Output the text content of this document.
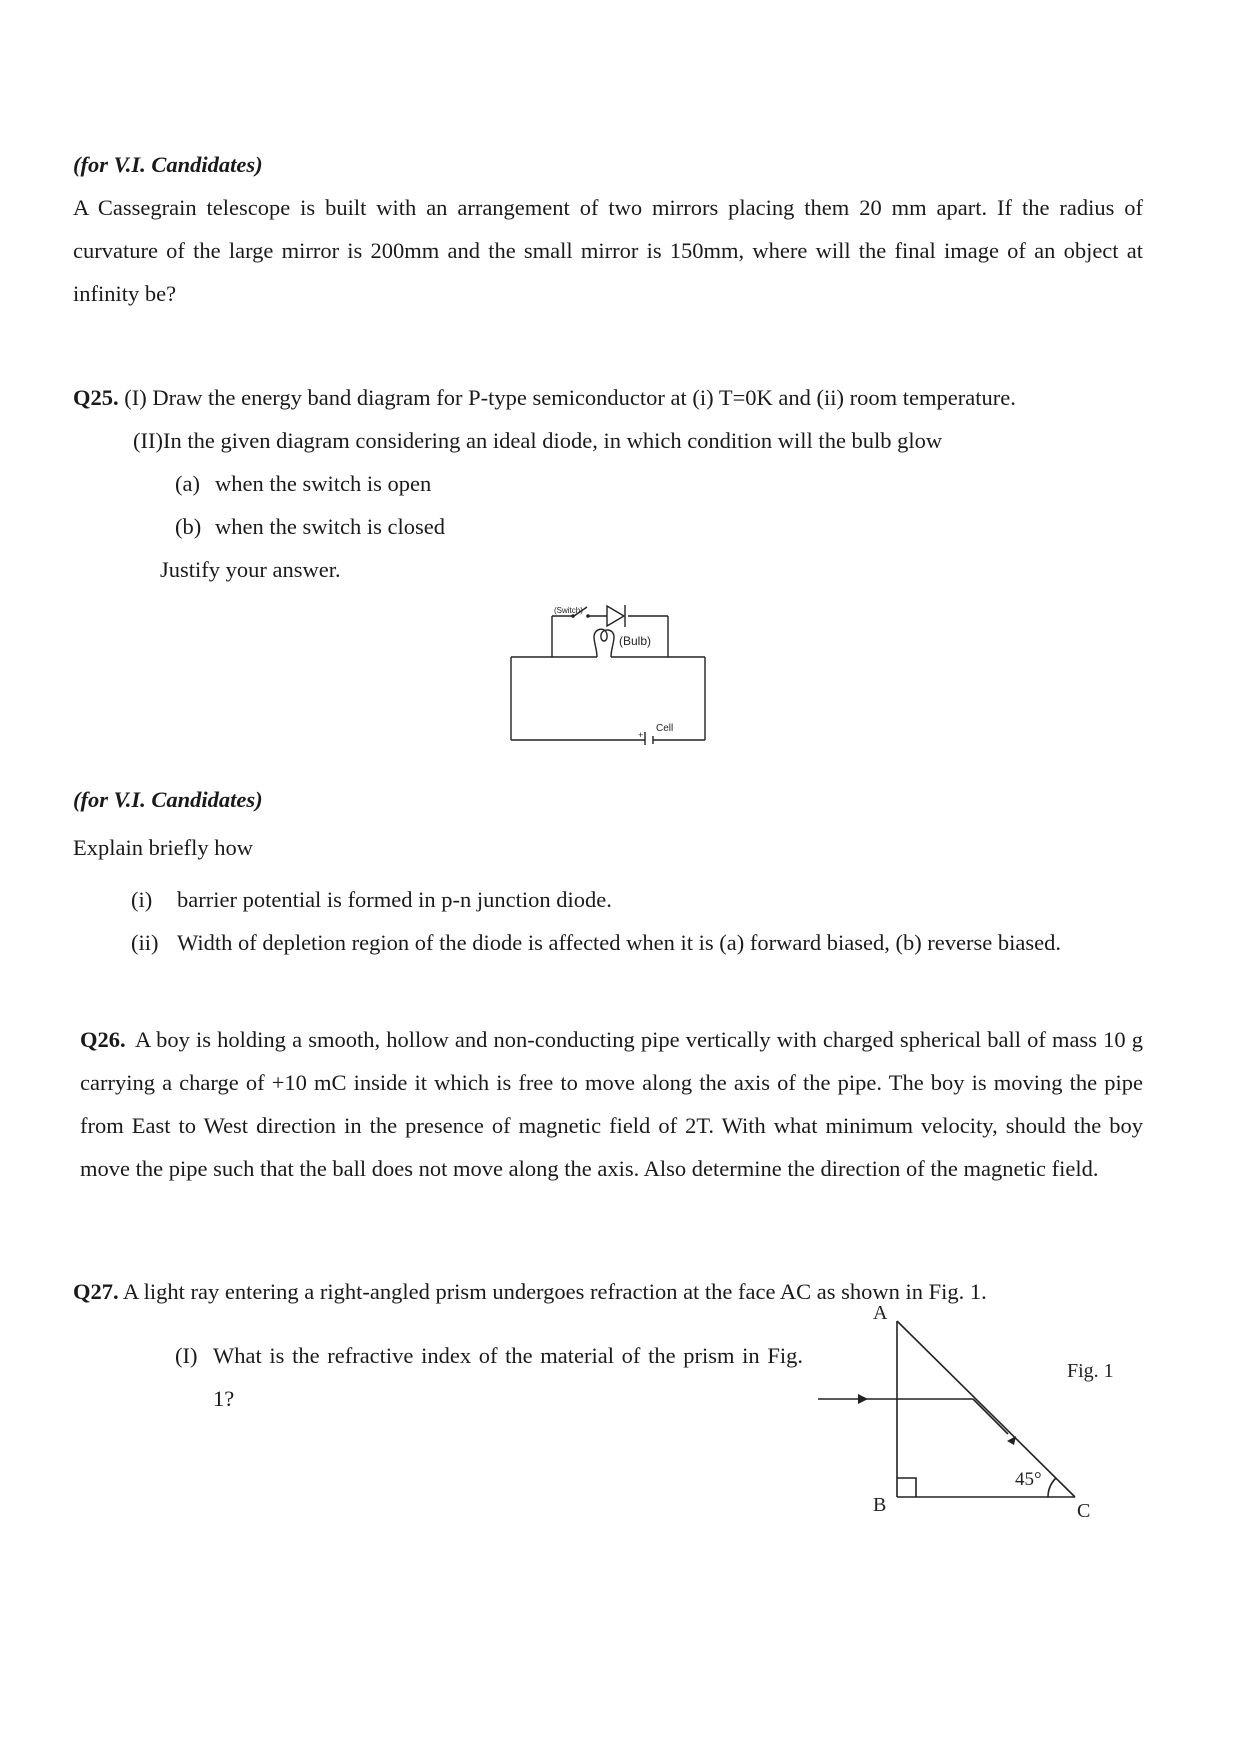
(for V.I. Candidates)
A Cassegrain telescope is built with an arrangement of two mirrors placing them 20 mm apart. If the radius of curvature of the large mirror is 200mm and the small mirror is 150mm, where will the final image of an object at infinity be?
Q25. (I) Draw the energy band diagram for P-type semiconductor at (i) T=0K and (ii) room temperature.
(II)In the given diagram considering an ideal diode, in which condition will the bulb glow
(a) when the switch is open
(b) when the switch is closed
Justify your answer.
(Switch)
(Bulb)
Cell
+
(for V.I. Candidates)
Explain briefly how
(i) barrier potential is formed in p-n junction diode.
(ii) Width of depletion region of the diode is affected when it is (a) forward biased, (b) reverse biased.
Q26. A boy is holding a smooth, hollow and non-conducting pipe vertically with charged spherical ball of mass 10 g carrying a charge of +10 mC inside it which is free to move along the axis of the pipe. The boy is moving the pipe from East to West direction in the presence of magnetic field of 2T. With what minimum velocity, should the boy move the pipe such that the ball does not move along the axis. Also determine the direction of the magnetic field.
Q27. A light ray entering a right-angled prism undergoes refraction at the face AC as shown in Fig. 1.
(I) What is the refractive index of the material of the prism in Fig. 1?
A
B	C
45°
Fig. 1
